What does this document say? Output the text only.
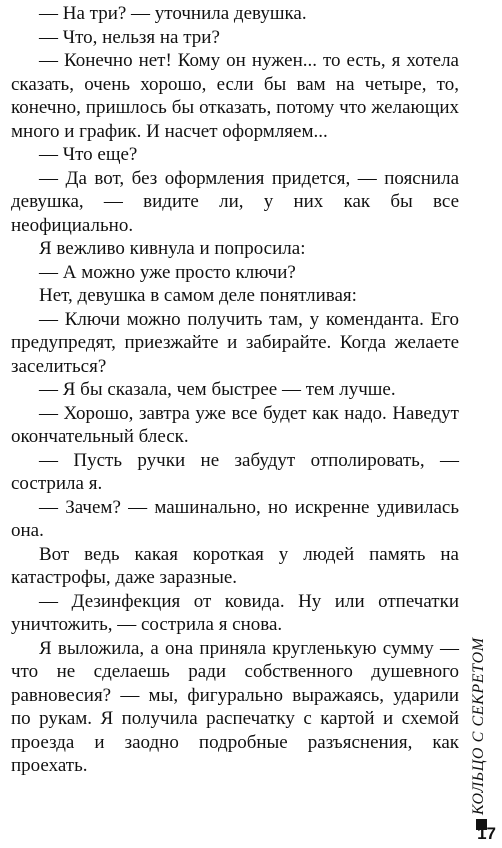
— На три? — уточнила девушка.

— Что, нельзя на три?

— Конечно нет! Кому он нужен... то есть, я хотела сказать, очень хорошо, если бы вам на четыре, то, конечно, пришлось бы отказать, потому что желающих много и график. И насчет оформляем...

— Что еще?

— Да вот, без оформления придется, — пояснила девушка, — видите ли, у них как бы все неофициально.

Я вежливо кивнула и попросила:

— А можно уже просто ключи?

Нет, девушка в самом деле понятливая:

— Ключи можно получить там, у коменданта. Его предупредят, приезжайте и забирайте. Когда желаете заселиться?

— Я бы сказала, чем быстрее — тем лучше.

— Хорошо, завтра уже все будет как надо. Наведут окончательный блеск.

— Пусть ручки не забудут отполировать, — сострила я.

— Зачем? — машинально, но искренне удивилась она.

Вот ведь какая короткая у людей память на катастрофы, даже заразные.

— Дезинфекция от ковида. Ну или отпечатки уничтожить, — сострила я снова.

Я выложила, а она приняла кругленькую сумму — что не сделаешь ради собственного душевного равновесия? — мы, фигурально выражаясь, ударили по рукам. Я получила распечатку с картой и схемой проезда и заодно подробные разъяснения, как проехать.	КОЛЬЦО С СЕКРЕТОМ
17
